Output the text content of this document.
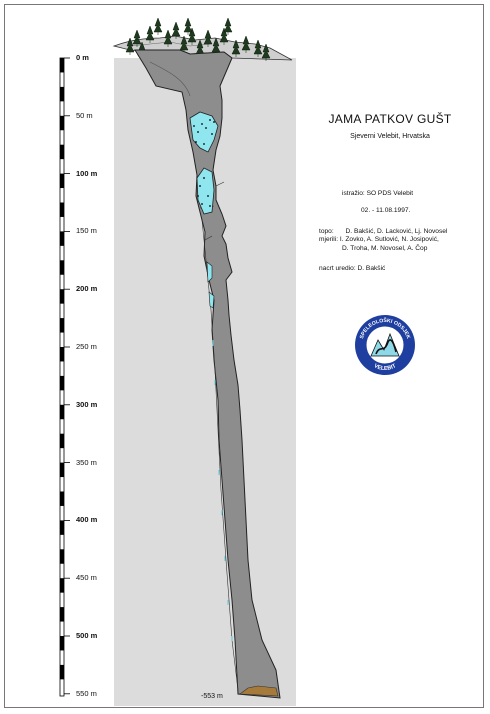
0 m
50 m
100 m
150 m
200 m
250 m
300 m
350 m
400 m
450 m
500 m
550 m
JAMA PATKOV GUŠT
Sjeverni Velebit, Hrvatska
istražio: SO PDS Velebit
02. - 11.08.1997.
topo: D. Bakšić, D. Lacković, Lj. Novosel
mjerili: I. Zovko, A. Sutlović, N. Josipović,
D. Troha, M. Novosel, A. Čop
nacrt uredio: D. Bakšić
SPELEOLOŠKI ODSJEK
VELEBIT
-553 m
